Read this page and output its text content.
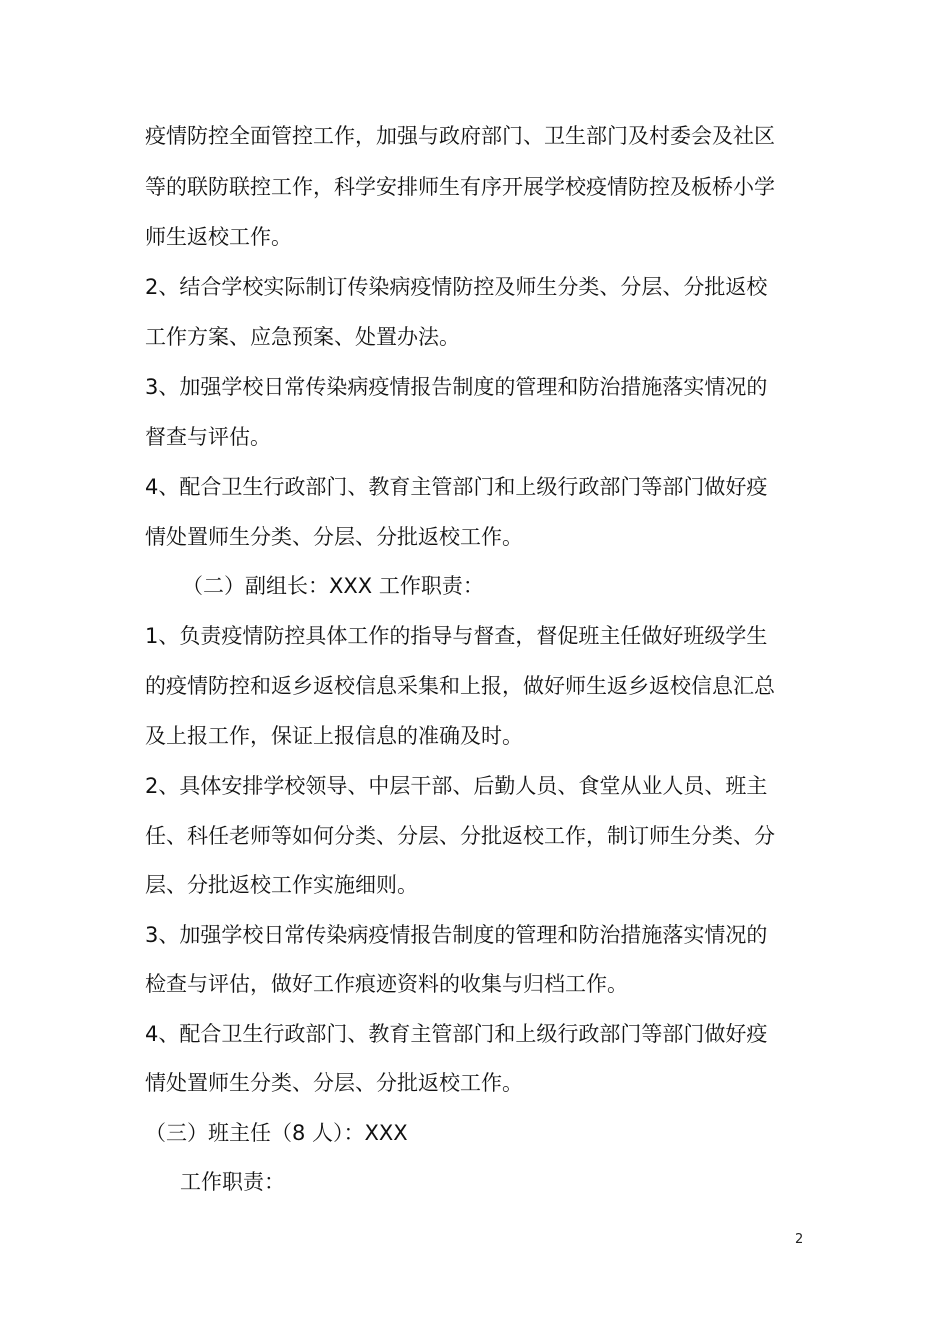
疫情防控全面管控工作，加强与政府部门、卫生部门及村委会及社区
等的联防联控工作，科学安排师生有序开展学校疫情防控及板桥小学
师生返校工作。
2、结合学校实际制订传染病疫情防控及师生分类、分层、分批返校
工作方案、应急预案、处置办法。
3、加强学校日常传染病疫情报告制度的管理和防治措施落实情况的
督查与评估。
4、配合卫生行政部门、教育主管部门和上级行政部门等部门做好疫
情处置师生分类、分层、分批返校工作。
（二）副组长：XXX 工作职责：
1、负责疫情防控具体工作的指导与督查，督促班主任做好班级学生
的疫情防控和返乡返校信息采集和上报，做好师生返乡返校信息汇总
及上报工作，保证上报信息的准确及时。
2、具体安排学校领导、中层干部、后勤人员、食堂从业人员、班主
任、科任老师等如何分类、分层、分批返校工作，制订师生分类、分
层、分批返校工作实施细则。
3、加强学校日常传染病疫情报告制度的管理和防治措施落实情况的
检查与评估，做好工作痕迹资料的收集与归档工作。
4、配合卫生行政部门、教育主管部门和上级行政部门等部门做好疫
情处置师生分类、分层、分批返校工作。
（三）班主任（8 人）：XXX
工作职责：
2
